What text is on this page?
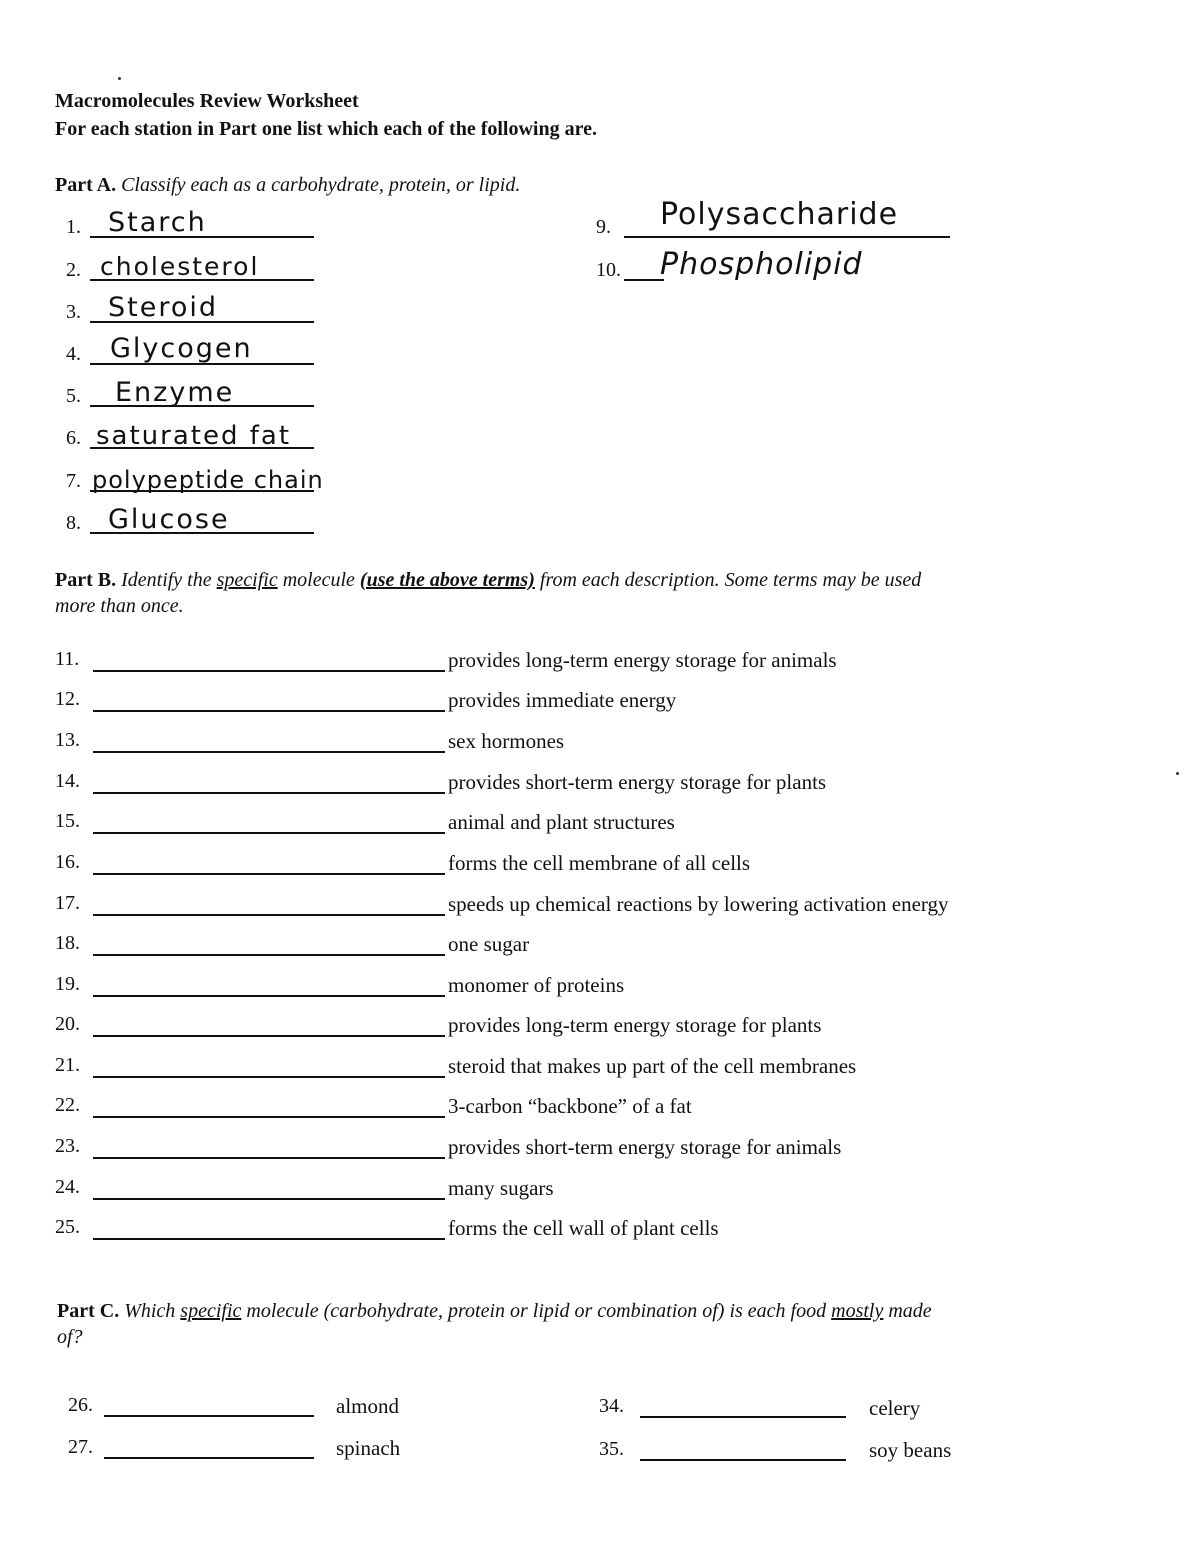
Macromolecules Review Worksheet
For each station in Part one list which each of the following are.
Part A. Classify each as a carbohydrate, protein, or lipid.
1. Starch
2. cholesterol
3. Steroid
4. Glycogen
5. Enzyme
6. saturated fat
7. polypeptide chain
8. Glucose
9. Polysaccharide
10. Phospholipid
Part B. Identify the specific molecule (use the above terms) from each description. Some terms may be used
more than once.
11.	provides long-term energy storage for animals
12.	provides immediate energy
13.	sex hormones
14.	provides short-term energy storage for plants
15.	animal and plant structures
16.	forms the cell membrane of all cells
17.	speeds up chemical reactions by lowering activation energy
18.	one sugar
19.	monomer of proteins
20.	provides long-term energy storage for plants
21.	steroid that makes up part of the cell membranes
22.	3-carbon “backbone” of a fat
23.	provides short-term energy storage for animals
24.	many sugars
25.	forms the cell wall of plant cells
Part C. Which specific molecule (carbohydrate, protein or lipid or combination of) is each food mostly made
of?
26.	almond
27.	spinach
34.	celery
35.	soy beans
